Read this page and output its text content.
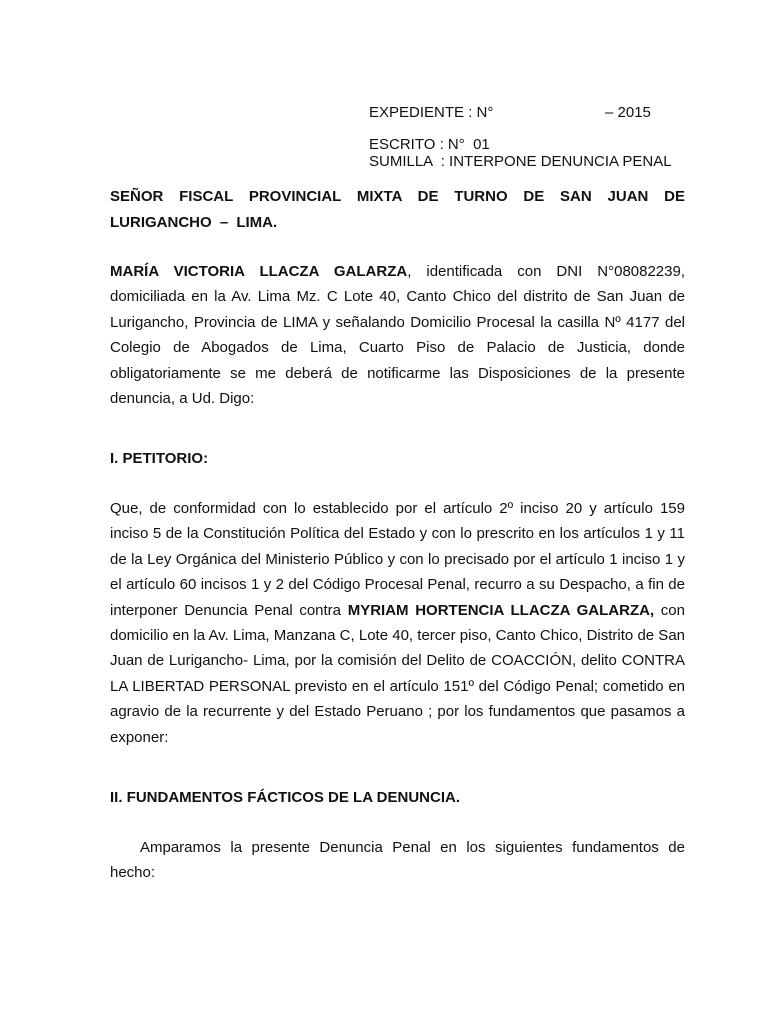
EXPEDIENTE : N°	– 2015
ESCRITO : N°  01
SUMILLA  : INTERPONE DENUNCIA PENAL
SEÑOR FISCAL PROVINCIAL MIXTA DE TURNO DE SAN JUAN DE LURIGANCHO – LIMA.

MARÍA VICTORIA LLACZA GALARZA, identificada con DNI N°08082239, domiciliada en la Av. Lima Mz. C Lote 40, Canto Chico del distrito de San Juan de Lurigancho, Provincia de LIMA y señalando Domicilio Procesal la casilla Nº 4177 del Colegio de Abogados de Lima, Cuarto Piso de Palacio de Justicia, donde obligatoriamente se me deberá de notificarme las Disposiciones de la presente denuncia, a Ud. Digo:

I. PETITORIO:

Que, de conformidad con lo establecido por el artículo 2º inciso 20 y artículo 159 inciso 5 de la Constitución Política del Estado y con lo prescrito en los artículos 1 y 11 de la Ley Orgánica del Ministerio Público y con lo precisado por el artículo 1 inciso 1 y el artículo 60 incisos 1 y 2 del Código Procesal Penal, recurro a su Despacho, a fin de interponer Denuncia Penal contra MYRIAM HORTENCIA LLACZA GALARZA, con domicilio en la Av. Lima, Manzana C, Lote 40, tercer piso, Canto Chico, Distrito de San Juan de Lurigancho- Lima, por la comisión del Delito de COACCIÓN, delito CONTRA LA LIBERTAD PERSONAL previsto en el artículo 151º del Código Penal; cometido en agravio de la recurrente y del Estado Peruano ; por los fundamentos que pasamos a exponer:

II. FUNDAMENTOS FÁCTICOS DE LA DENUNCIA.

Amparamos la presente Denuncia Penal en los siguientes fundamentos de hecho:
